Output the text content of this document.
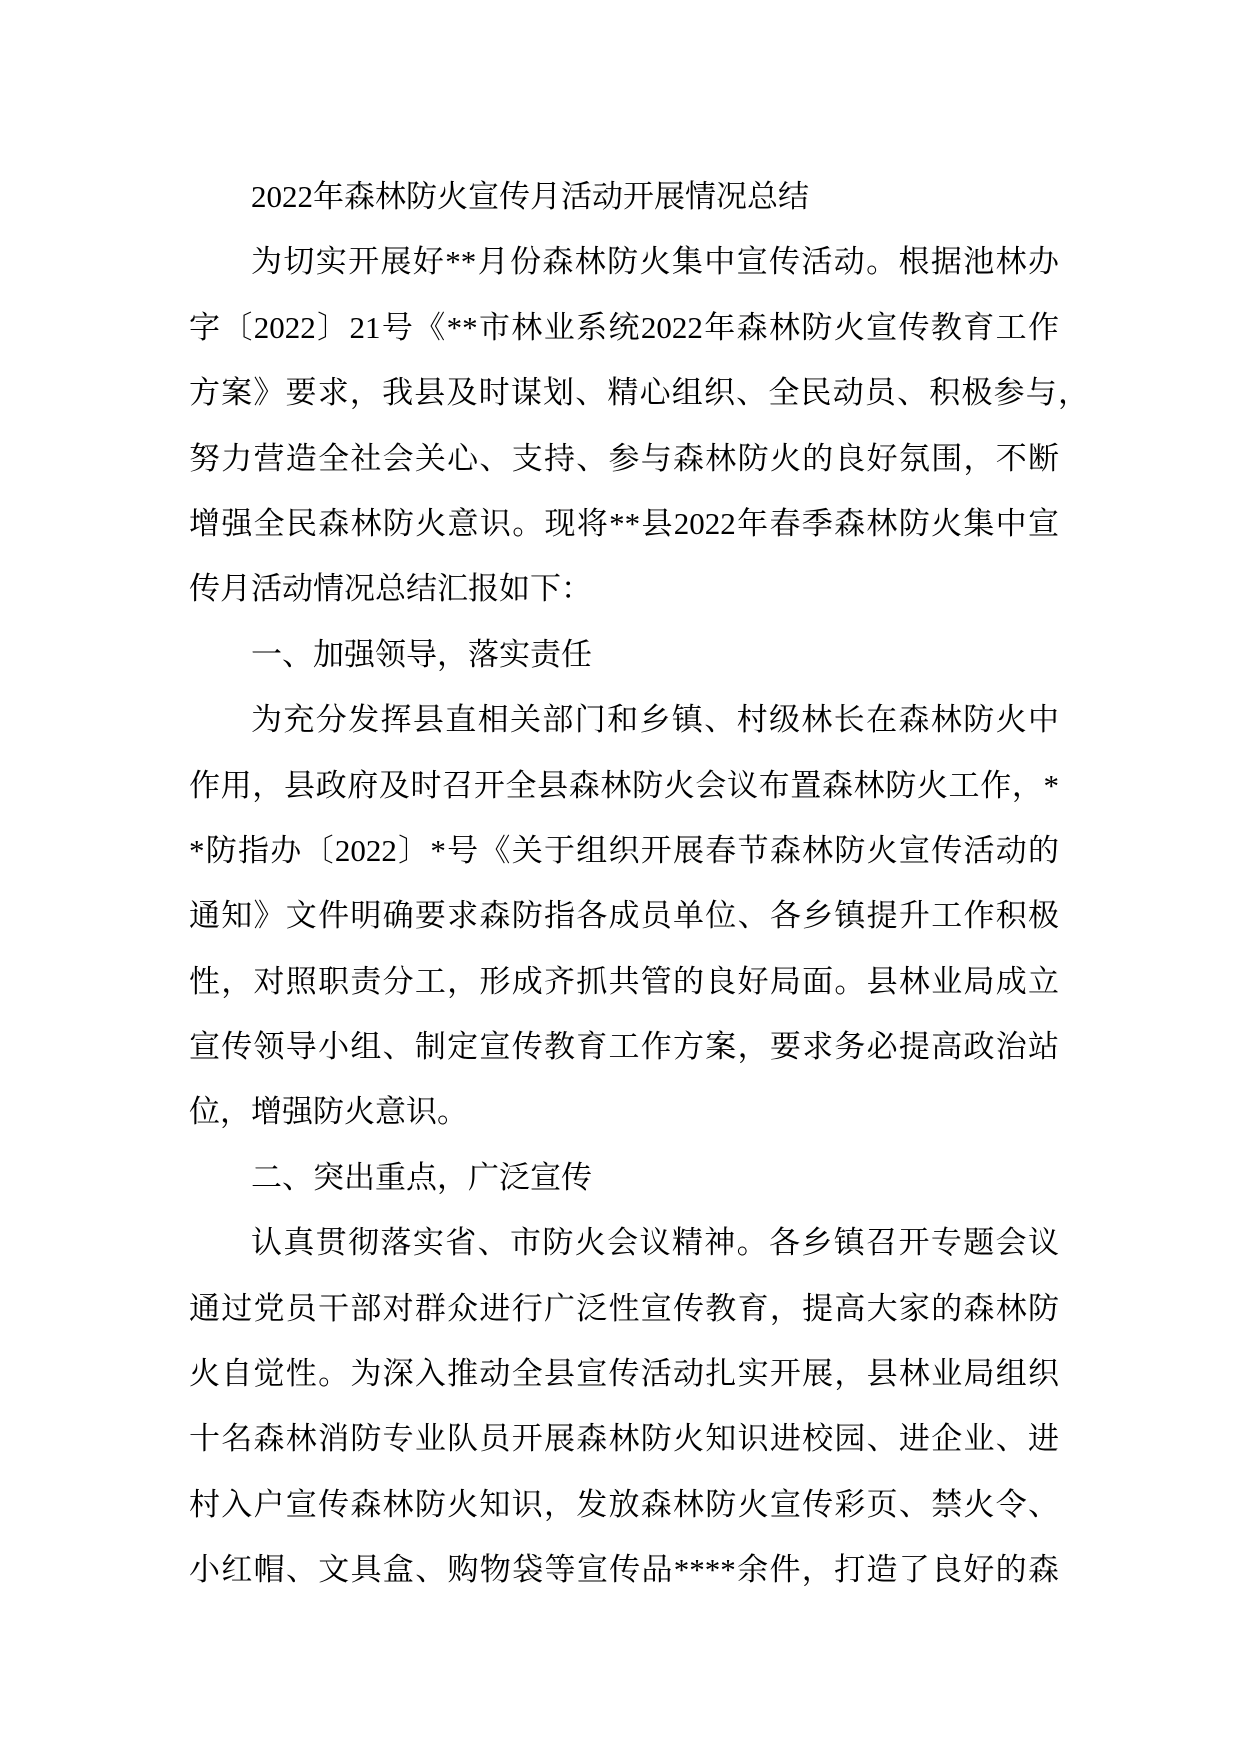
2022年森林防火宣传月活动开展情况总结
为切实开展好**月份森林防火集中宣传活动。根据池林办
字〔2022〕21号《**市林业系统2022年森林防火宣传教育工作
方案》要求，我县及时谋划、精心组织、全民动员、积极参与，
努力营造全社会关心、支持、参与森林防火的良好氛围，不断
增强全民森林防火意识。现将**县2022年春季森林防火集中宣
传月活动情况总结汇报如下：
一、加强领导，落实责任
为充分发挥县直相关部门和乡镇、村级林长在森林防火中
作用，县政府及时召开全县森林防火会议布置森林防火工作，*
*防指办〔2022〕*号《关于组织开展春节森林防火宣传活动的
通知》文件明确要求森防指各成员单位、各乡镇提升工作积极
性，对照职责分工，形成齐抓共管的良好局面。县林业局成立
宣传领导小组、制定宣传教育工作方案，要求务必提高政治站
位，增强防火意识。
二、突出重点，广泛宣传
认真贯彻落实省、市防火会议精神。各乡镇召开专题会议
通过党员干部对群众进行广泛性宣传教育，提高大家的森林防
火自觉性。为深入推动全县宣传活动扎实开展，县林业局组织
十名森林消防专业队员开展森林防火知识进校园、进企业、进
村入户宣传森林防火知识，发放森林防火宣传彩页、禁火令、
小红帽、文具盒、购物袋等宣传品****余件，打造了良好的森
